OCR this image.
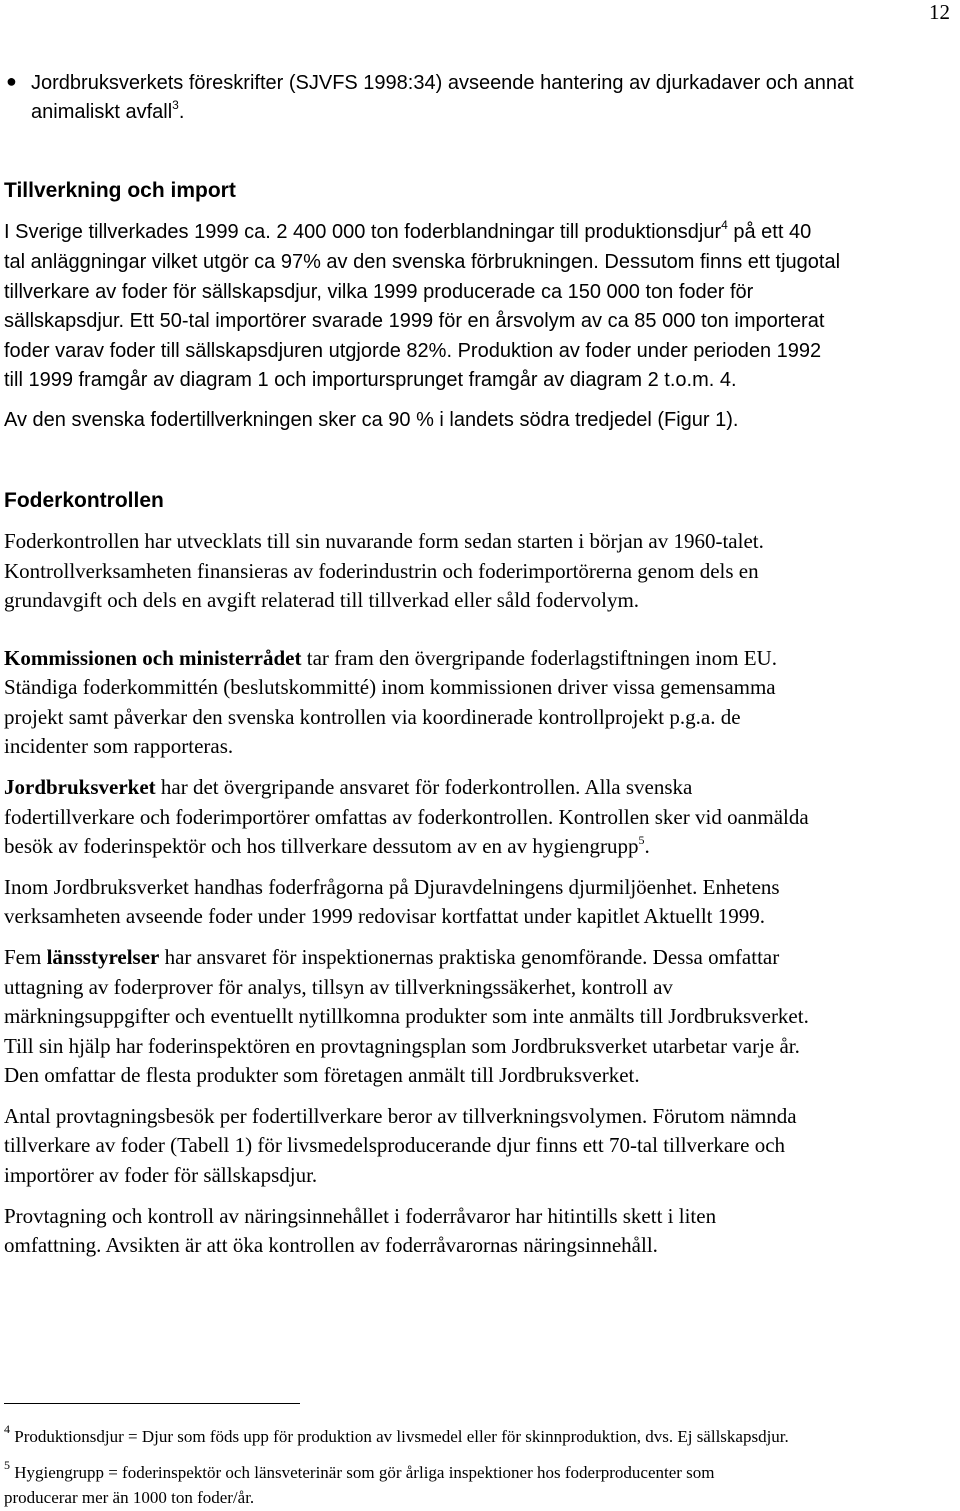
12
● Jordbruksverkets föreskrifter (SJVFS 1998:34) avseende hantering av djurkadaver och annat
animaliskt avfall$^3$.
Tillverkning och import
I Sverige tillverkades 1999 ca. 2 400 000 ton foderblandningar till produktionsdjur$^4$ på ett 40
tal anläggningar vilket utgör ca 97% av den svenska förbrukningen. Dessutom finns ett tjugotal
tillverkare av foder för sällskapsdjur, vilka 1999 producerade ca 150 000 ton foder för
sällskapsdjur. Ett 50-tal importörer svarade 1999 för en årsvolym av ca 85 000 ton importerat
foder varav foder till sällskapsdjuren utgjorde 82%. Produktion av foder under perioden 1992
till 1999 framgår av diagram 1 och importursprunget framgår av diagram 2 t.o.m. 4.
Av den svenska fodertillverkningen sker ca 90 % i landets södra tredjedel (Figur 1).
Foderkontrollen
Foderkontrollen har utvecklats till sin nuvarande form sedan starten i början av 1960-talet.
Kontrollverksamheten finansieras av foderindustrin och foderimportörerna genom dels en
grundavgift och dels en avgift relaterad till tillverkad eller såld fodervolym.
Kommissionen och ministerrådet tar fram den övergripande foderlagstiftningen inom EU.
Ständiga foderkommittén (beslutskommitté) inom kommissionen driver vissa gemensamma
projekt samt påverkar den svenska kontrollen via koordinerade kontrollprojekt p.g.a. de
incidenter som rapporteras.
Jordbruksverket har det övergripande ansvaret för foderkontrollen. Alla svenska
fodertillverkare och foderimportörer omfattas av foderkontrollen. Kontrollen sker vid oanmälda
besök av foderinspektör och hos tillverkare dessutom av en av hygiengrupp$^5$.
Inom Jordbruksverket handhas foderfrågorna på Djuravdelningens djurmiljöenhet. Enhetens
verksamheten avseende foder under 1999 redovisar kortfattat under kapitlet Aktuellt 1999.
Fem länsstyrelser har ansvaret för inspektionernas praktiska genomförande. Dessa omfattar
uttagning av foderprover för analys, tillsyn av tillverkningssäkerhet, kontroll av
märkningsuppgifter och eventuellt nytillkomna produkter som inte anmälts till Jordbruksverket.
Till sin hjälp har foderinspektören en provtagningsplan som Jordbruksverket utarbetar varje år.
Den omfattar de flesta produkter som företagen anmält till Jordbruksverket.
Antal provtagningsbesök per fodertillverkare beror av tillverkningsvolymen. Förutom nämnda
tillverkare av foder (Tabell 1) för livsmedelsproducerande djur finns ett 70-tal tillverkare och
importörer av foder för sällskapsdjur.
Provtagning och kontroll av näringsinnehållet i foderråvaror har hitintills skett i liten
omfattning. Avsikten är att öka kontrollen av foderråvarornas näringsinnehåll.
$^4$ Produktionsdjur = Djur som föds upp för produktion av livsmedel eller för skinnproduktion, dvs. Ej sällskapsdjur.
$^5$ Hygiengrupp = foderinspektör och länsveterinär som gör årliga inspektioner hos foderproducenter som
producerar mer än 1000 ton foder/år.
